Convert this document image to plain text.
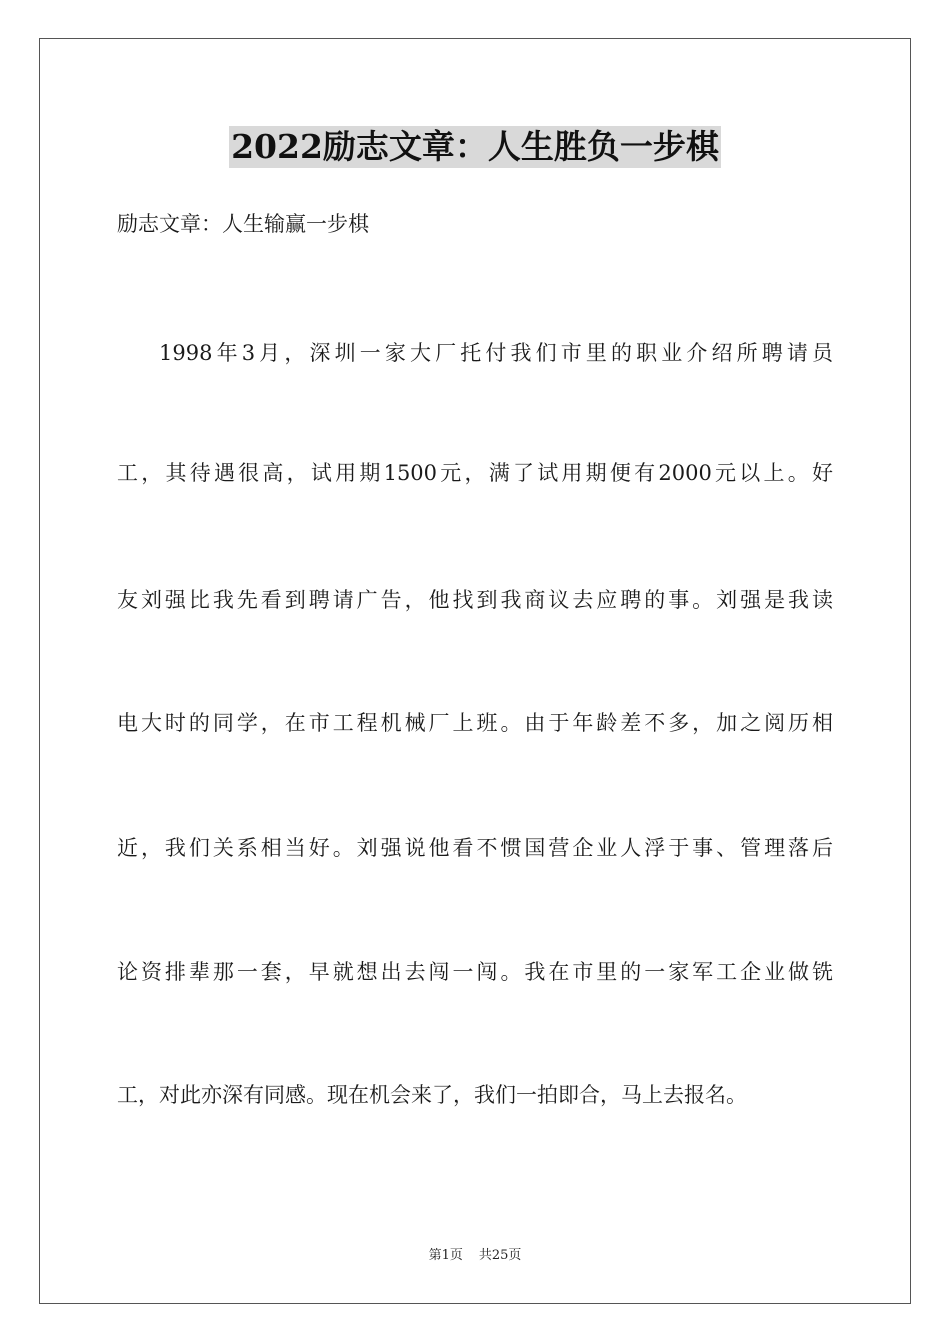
2022励志文章：人生胜负一步棋
励志文章：人生输赢一步棋
1998年3月，深圳一家大厂托付我们市里的职业介绍所聘请员
工，其待遇很高，试用期1500元，满了试用期便有2000元以上。好
友刘强比我先看到聘请广告，他找到我商议去应聘的事。刘强是我读
电大时的同学，在市工程机械厂上班。由于年龄差不多，加之阅历相
近，我们关系相当好。刘强说他看不惯国营企业人浮于事、管理落后
论资排辈那一套，早就想出去闯一闯。我在市里的一家军工企业做铣
工，对此亦深有同感。现在机会来了，我们一拍即合，马上去报名。
第1页 共25页
